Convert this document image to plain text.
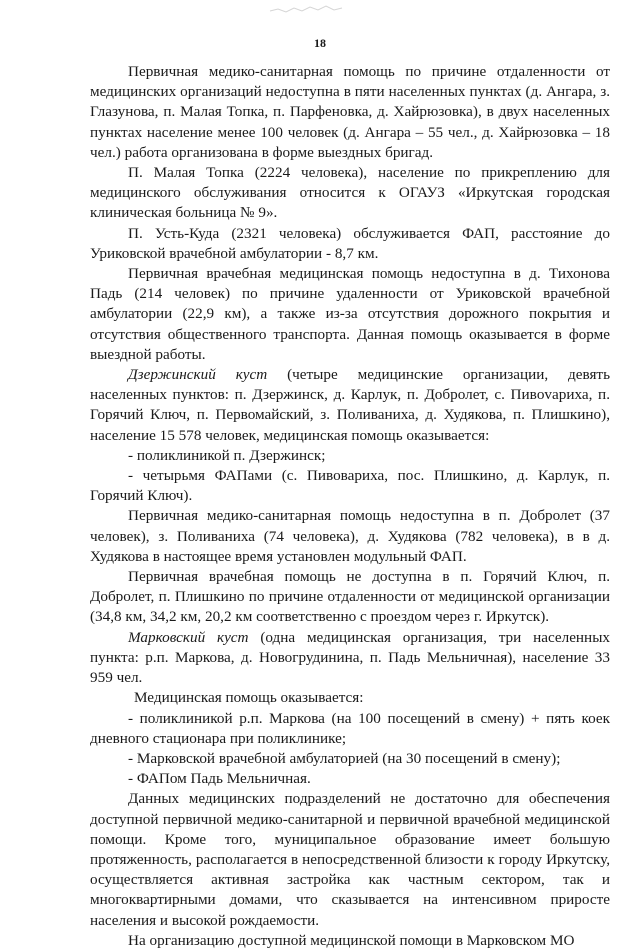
18

Первичная медико-санитарная помощь по причине отдаленности от медицинских организаций недоступна в пяти населенных пунктах (д. Ангара, з. Глазунова, п. Малая Топка, п. Парфеновка, д. Хайрюзовка), в двух населенных пунктах население менее 100 человек (д. Ангара – 55 чел., д. Хайрюзовка – 18 чел.) работа организована в форме выездных бригад.

П. Малая Топка (2224 человека), население по прикреплению для медицинского обслуживания относится к ОГАУЗ «Иркутская городская клиническая больница № 9».

П. Усть-Куда (2321 человека) обслуживается ФАП, расстояние до Уриковской врачебной амбулатории - 8,7 км.

Первичная врачебная медицинская помощь недоступна в д. Тихонова Падь (214 человек) по причине удаленности от Уриковской врачебной амбулатории (22,9 км), а также из-за отсутствия дорожного покрытия и отсутствия общественного транспорта. Данная помощь оказывается в форме выездной работы.

Дзержинский куст (четыре медицинские организации, девять населенных пунктов: п. Дзержинск, д. Карлук, п. Добролет, с. Пивovариха, п. Горячий Ключ, п. Первомайский, з. Поливаниха, д. Худякова, п. Плишкино), население 15 578 человек, медицинская помощь оказывается:

- поликлиникой п. Дзержинск;

- четырьмя ФАПами (с. Пивовариха, пос. Плишкино, д. Карлук, п. Горячий Ключ).

Первичная медико-санитарная помощь недоступна в п. Добролет (37 человек), з. Поливаниха (74 человека), д. Худякова (782 человека), в в д. Худякова в настоящее время установлен модульный ФАП.

Первичная врачебная помощь не доступна в п. Горячий Ключ, п. Добролет, п. Плишкино по причине отдаленности от медицинской организации (34,8 км, 34,2 км, 20,2 км соответственно с проездом через г. Иркутск).

Марковский куст (одна медицинская организация, три населенных пункта: р.п. Маркова, д. Новогрудинина, п. Падь Мельничная), население 33 959 чел.

Медицинская помощь оказывается:

- поликлиникой р.п. Маркова (на 100 посещений в смену) + пять коек дневного стационара при поликлинике;

- Марковской врачебной амбулаторией (на 30 посещений в смену);

- ФАПом Падь Мельничная.

Данных медицинских подразделений не достаточно для обеспечения доступной первичной медико-санитарной и первичной врачебной медицинской помощи. Кроме того, муниципальное образование имеет большую протяженность, располагается в непосредственной близости к городу Иркутску, осуществляется активная застройка как частным сектором, так и многоквартирными домами, что сказывается на интенсивном приросте населения и высокой рождаемости.

На организацию доступной медицинской помощи в Марковском МО
